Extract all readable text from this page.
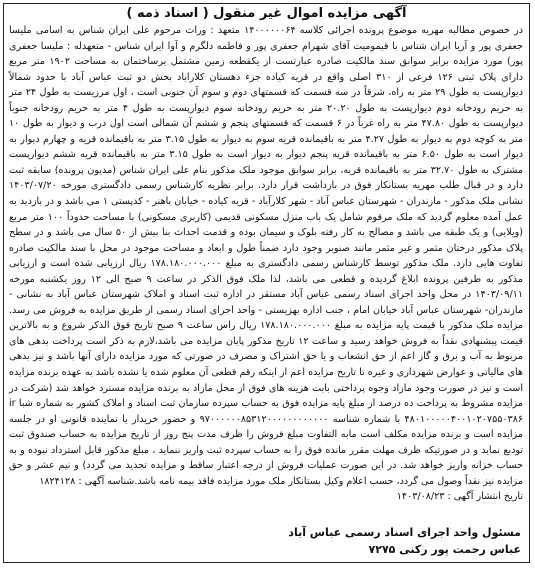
آگهی مزایده اموال غیر منقول ( اسناد ذمه )

در خصوص مطالبه مهریه موضوع پرونده اجرائی کلاسه ۱۴۰۰۰۰۰۰۶۴ متعهد : وراث مرحوم علی ایران شناس به اسامی ملیسا جعفری پور و آریا ایران شناس با قیمومیت آقای شهرام جعفری پور و فاطمه دلگرم و آوا ایران شناس - متعهدله : ملیسا جعفری پور) مورد مزایده برابر سوابق سند مالکیت صادره عبارتست از یکقطعه زمین مشتمل برساختمان به مساحت ۱۹۰۲ متر مربع دارای پلاک ثبتی ۱۲۶ فرعی از ۳۱۰ اصلی واقع در قریه کیاده جزء دهستان کلاراباد بخش دو ثبت عباس آباد با حدود شمالاً دیوارپست به طول ۲۹ متر به راه، شرقاً در سه قسمت که قسمتهای دوم و سوم آن جنوبی است ، اول مرزیست به طول ۲۴ متر به حریم رودخانه دوم دیوارپست به طول ۲۰.۲۰ متر به حریم رودخانه سوم دیوارپست به طول ۴ متر به حریم رودخانه جنوباً دیوارپست به طول ۴۷.۸۰ متر به راه غرباً در ۶ قسمت که قسمتهای پنجم و ششم آن شمالی است اول درب و دیوار به طول ۱۰ متر به کوچه دوم به دیوار به طول ۴.۲۷ متر به باقیمانده قریه سوم به دیوار به طول ۳.۱۵ متر به باقیمانده قریه و چهارم دیوار به دیوار است به طول ۶.۵۰ متر به باقیمانده قریه پنجم دیوار به دیوار است به طول ۳.۱۵ متر به باقیمانده قریه ششم دیوارپست مشترک به طول ۳۲.۷۰ متر به باقیمانده قریه، برابر سوابق موجود ملک مذکور بنام علی ایران شناس (مدیون پرونده) سابقه ثبت دارد و در قبال طلب مهریه بستانکار فوق در بازداشت قرار دارد. برابر نظریه کارشناس رسمی دادگستری مورخه ۱۴۰۳/۰۷/۲۰ نشانی ملک مذکور - مازندران - شهرستان عباس آباد - شهر کلارآباد - قریه کیاده - خیابان باهنر - کدپستی ۱ می باشد و در بازدید به عمل آمده معلوم گردید که ملک مرقوم شامل یک باب منزل مسکونی قدیمی (کاربری مسکونی) با مساحت حدوداً ۱۰۰ متر مربع (ویلایی) و یک طبقه می باشد و مصالح به کار رفته بلوک و سیمان بوده و قدمت احداث بنا بیش از ۵۰ سال می باشد و در سطح پلاک مذکور درختان مثمر و غیر مثمر مانند صنوبر وجود دارد ضمناً طول و ابعاد و مساحت موجود در محل با سند مالکیت صادره تفاوت هایی دارد. ملک مذکور توسط کارشناس رسمی دادگستری به مبلغ ۱۷۸.۱۸۰.۰۰۰.۰۰۰ ریال ارزیابی شده است و ارزیابی مذکور به طرفین پرونده ابلاغ گردیده و قطعی می باشد، لذا ملک فوق الذکر در ساعت ۹ صبح الی ۱۲ روز یکشنبه مورخه ۱۴۰۳/۰۹/۱۱ در محل واحد اجرای اسناد رسمی عباس آباد مستقر در اداره ثبت اسناد و املاک شهرستان عباس آباد به نشانی - مازندران- شهرستان عباس آباد خیابان امام ، جنب اداره بهزیستی - واحد اجرای اسناد رسمی از طریق مزایده به فروش می رسد. مزایده ملک مذکور با قیمت پایه مزایده به مبلغ ۱۷۸.۱۸۰.۰۰۰.۰۰۰ ریال راس ساعت ۹ صبح تاریخ فوق الذکر شروع و به بالاترین قیمت پیشنهادی نقداً به فروش خواهد رسید و ساعت ۱۲ تاریخ مذکور پایان مزایده می باشد،لازم به ذکر است پرداخت بدهی های مربوط به آب و برق و گاز اعم از حق انشعاب و یا حق اشتراک و مصرف در صورتی که مورد مزایده دارای آنها باشد و نیز بدهی های مالیاتی و عوارض شهرداری و غیره تا تاریخ مزایده اعم از اینکه رقم قطعی آن معلوم شده یا نشده باشد به عهده برنده مزایده است و نیز در صورت وجود مازاد وجوه پرداختی بابت هزینه های فوق از محل مازاد به برنده مزایده مسترد خواهد شد (شرکت در مزایده مشروط به پرداخت ده درصد از مبلغ پایه مزایده فوق به حساب سپرده سازمان ثبت اسناد و املاک کشور به شماره شبا ir ۴۸۰۱۰۰۰۰۰۴۰۰۱۰۲۰۷۵۵۰۳۸۶ با شماره شناسه ۹۷۰۰۰۰۰۰۸۵۳۱۲۰۰۰۰۰۰۰۰۰۰۰۰ و حضور خریدار یا نماینده قانونی او در جلسه مزایده است و برنده مزایده مکلف است مابه التفاوت مبلغ فروش را ظرف مدت پنج روز از تاریخ مزایده به حساب صندوق ثبت تودیع نماید و در صورتیکه ظرف مهلت مقرر مانده فوق را به حساب سپرده ثبت واریز ننماید ، مبلغ مذکور قابل استرداد نبوده و به حساب خزانه واریز خواهد شد. در این صورت عملیات فروش از درجه اعتبار ساقط و مزایده تجدید می گردد) و نیم عشر و حق مزایده نیز نقداً وصول می گردد، حسب اعلام وکیل بستانکار ملک مورد مزایده فاقد بیمه نامه باشد.شناسه آگهی : ۱۸۲۴۱۲۸

تاریخ انتشار آگهی : ۱۴۰۳/۰۸/۲۳

مسئول واحد اجرای اسناد رسمی عباس آباد
عباس رحمت پور رکنی ۷۲۷۵
